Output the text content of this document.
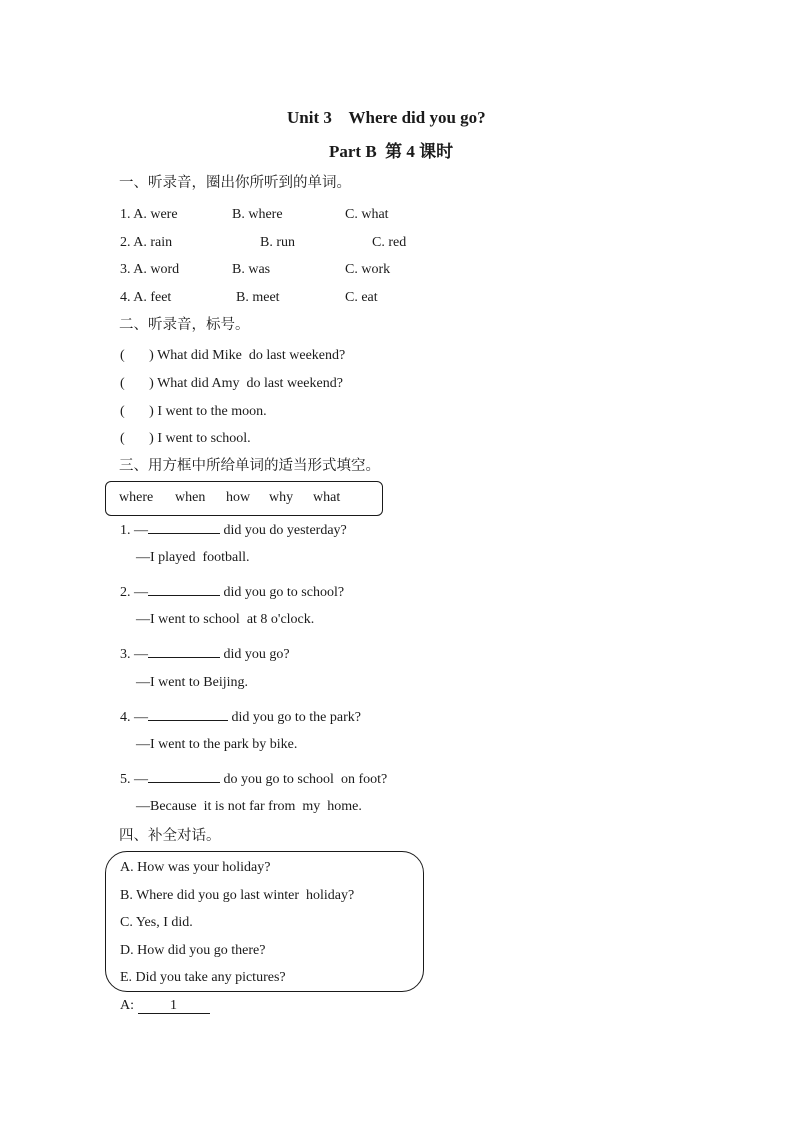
Unit 3    Where did you go?
Part B  第 4 课时
一、听录音，圈出你所听到的单词。
1. A. were	B. where	C. what
2. A. rain	B. run	C. red
3. A. word	B. was	C. work
4. A. feet	B. meet	C. eat
二、听录音，标号。
(       ) What did Mike  do last weekend?
(       ) What did Amy  do last weekend?
(       ) I went to the moon.
(       ) I went to school.
三、用方框中所给单词的适当形式填空。
where when how why what
1. —	did you do yesterday?
—I played  football.
2. —	did you go to school?
—I went to school  at 8 o'clock.
3. —	did you go?
—I went to Beijing.
4. —	did you go to the park?
—I went to the park by bike.
5. —	do you go to school  on foot?
—Because  it is not far from  my  home.
四、补全对话。
A. How was your holiday?
B. Where did you go last winter  holiday?
C. Yes, I did.
D. How did you go there?
E. Did you take any pictures?
A:	1
